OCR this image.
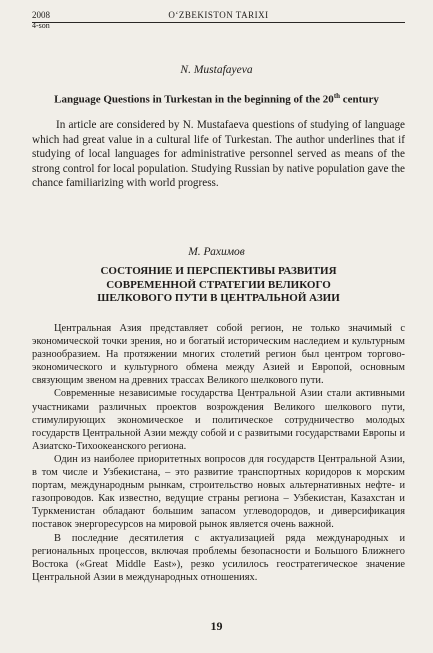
2008	O‘ZBEKISTON TARIXI
4-son
N. Mustafayeva
Language Questions in Turkestan in the beginning of the 20th century

In article are considered by N. Mustafaeva questions of studying of language which had great value in a cultural life of Turkestan. The author underlines that if studying of local languages for administrative personnel served as means of the strong control for local population. Studying Russian by native population gave the chance familiarizing with world progress.

М. Рахимов
СОСТОЯНИЕ И ПЕРСПЕКТИВЫ РАЗВИТИЯ
СОВРЕМЕННОЙ СТРАТЕГИИ ВЕЛИКОГО
ШЕЛКОВОГО ПУТИ В ЦЕНТРАЛЬНОЙ АЗИИ

Центральная Азия представляет собой регион, не только значимый с экономической точки зрения, но и богатый историческим наследием и культурным разнообразием. На протяжении многих столетий регион был центром торгово-экономического и культурного обмена между Азией и Европой, основным связующим звеном на древних трассах Великого шелкового пути.

Современные независимые государства Центральной Азии стали активными участниками различных проектов возрождения Великого шелкового пути, стимулирующих экономическое и политическое сотрудничество молодых государств Центральной Азии между собой и с развитыми государствами Европы и Азиатско-Тихоокеанского региона.

Один из наиболее приоритетных вопросов для государств Центральной Азии, в том числе и Узбекистана, – это развитие транспортных коридоров к морским портам, международным рынкам, строительство новых альтернативных нефте- и газопроводов. Как известно, ведущие страны региона – Узбекистан, Казахстан и Туркменистан обладают большим запасом углеводородов, и диверсификация поставок энергоресурсов на мировой рынок является очень важной.

В последние десятилетия с актуализацией ряда международных и региональных процессов, включая проблемы безопасности и Большого Ближнего Востока («Great Middle East»), резко усилилось геостратегическое значение Центральной Азии в международных отношениях.

19
